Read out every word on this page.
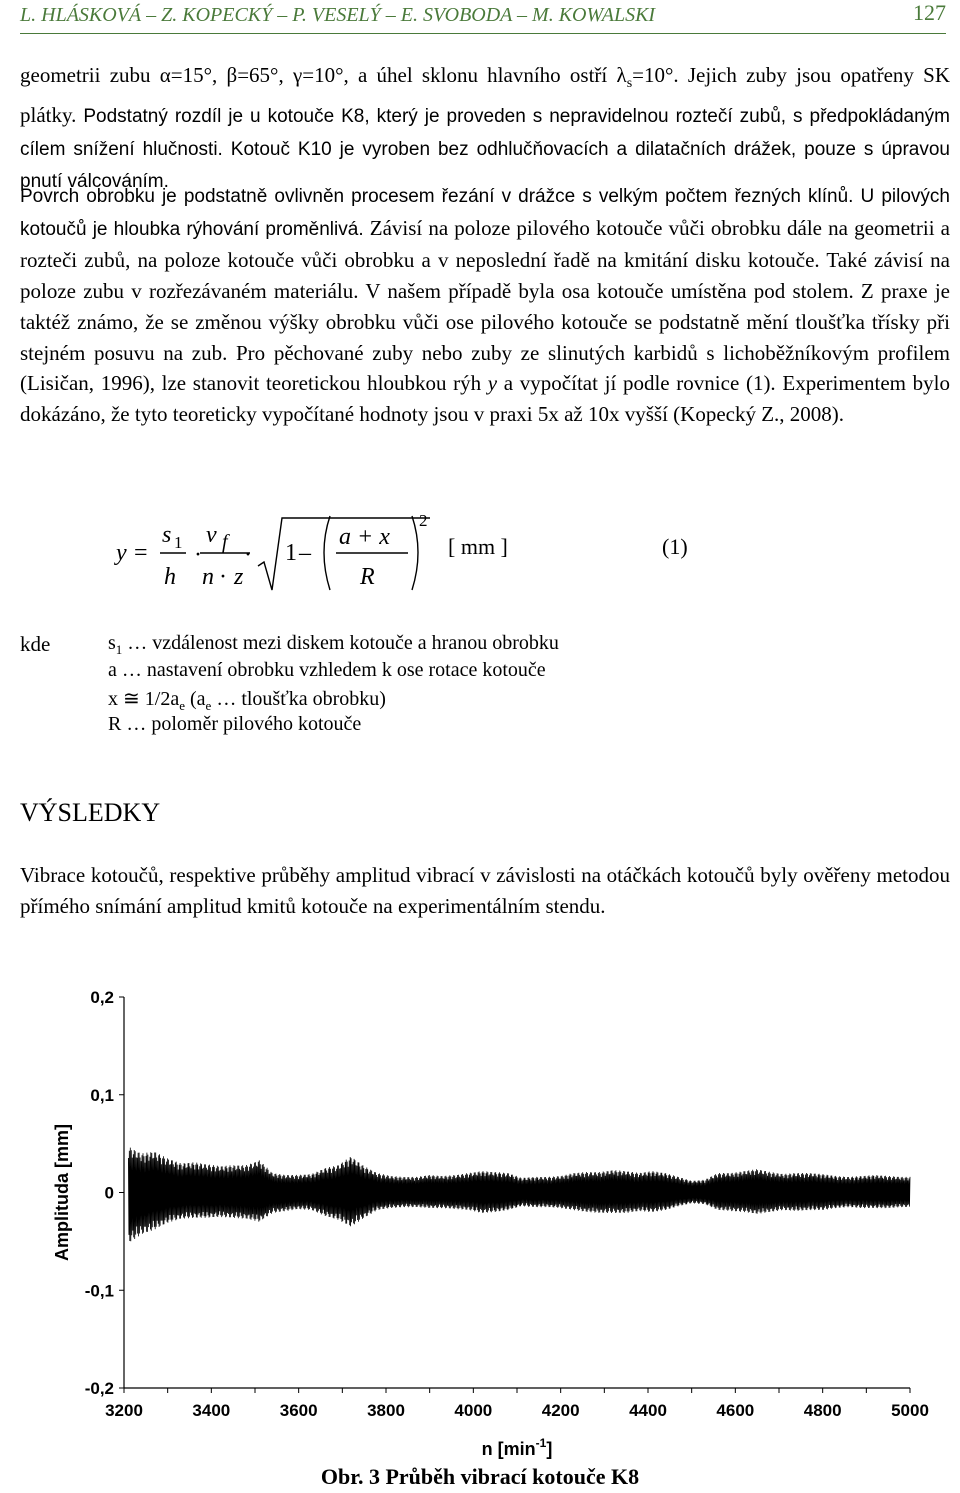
L. HLÁSKOVÁ – Z. KOPECKÝ – P. VESELÝ – E. SVOBODA – M. KOWALSKI	127

geometrii zubu α=15°, β=65°, γ=10°, a úhel sklonu hlavního ostří $\lambda_s=10^\circ$. Jejich zuby jsou opatřeny SK plátky. Podstatný rozdíl je u kotouče K8, který je proveden s nepravidelnou roztečí zubů, s předpokládaným cílem snížení hlučnosti. Kotouč K10 je vyroben bez odhlučňovacích a dilatačních drážek, pouze s úpravou pnutí válcováním.

Povrch obrobku je podstatně ovlivněn procesem řezání v drážce s velkým počtem řezných klínů. U pilových kotoučů je hloubka rýhování proměnlivá. Závisí na poloze pilového kotouče vůči obrobku dále na geometrii a rozteči zubů, na poloze kotouče vůči obrobku a v neposlední řadě na kmitání disku kotouče. Také závisí na poloze zubu v rozřezávaném materiálu. V našem případě byla osa kotouče umístěna pod stolem. Z praxe je taktéž známo, že se změnou výšky obrobku vůči ose pilového kotouče se podstatně mění tloušťka třísky při stejném posuvu na zub. Pro pěchované zuby nebo zuby ze slinutých karbidů s lichoběžníkovým profilem (Lisičan, 1996), lze stanovit teoretickou hloubkou rýh y a vypočítat jí podle rovnice (1). Experimentem bylo dokázáno, že tyto teoreticky vypočítané hodnoty jsou v praxi 5x až 10x vyšší (Kopecký Z., 2008).

y =
s 1
h
·
v f
n · z
· 1 –
a + x
R
2
[ mm ]	(1)
kde	$s_1$ … vzdálenost mezi diskem kotouče a hranou obrobku
a … nastavení obrobku vzhledem k ose rotace kotouče
x ≅ $1/2a_e$ ($a_e$ … tloušťka obrobku)
R … poloměr pilového kotouče
VÝSLEDKY

Vibrace kotoučů, respektive průběhy amplitud vibrací v závislosti na otáčkách kotoučů byly ověřeny metodou přímého snímání amplitud kmitů kotouče na experimentálním stendu.

0,2
0,1
0
-0,1
-0,2
3200	3400	3600	3800	4000	4200	4400	4600	4800	5000
n $[\min^{-1}]$
Amplituda [mm]
Obr. 3 Průběh vibrací kotouče K8
